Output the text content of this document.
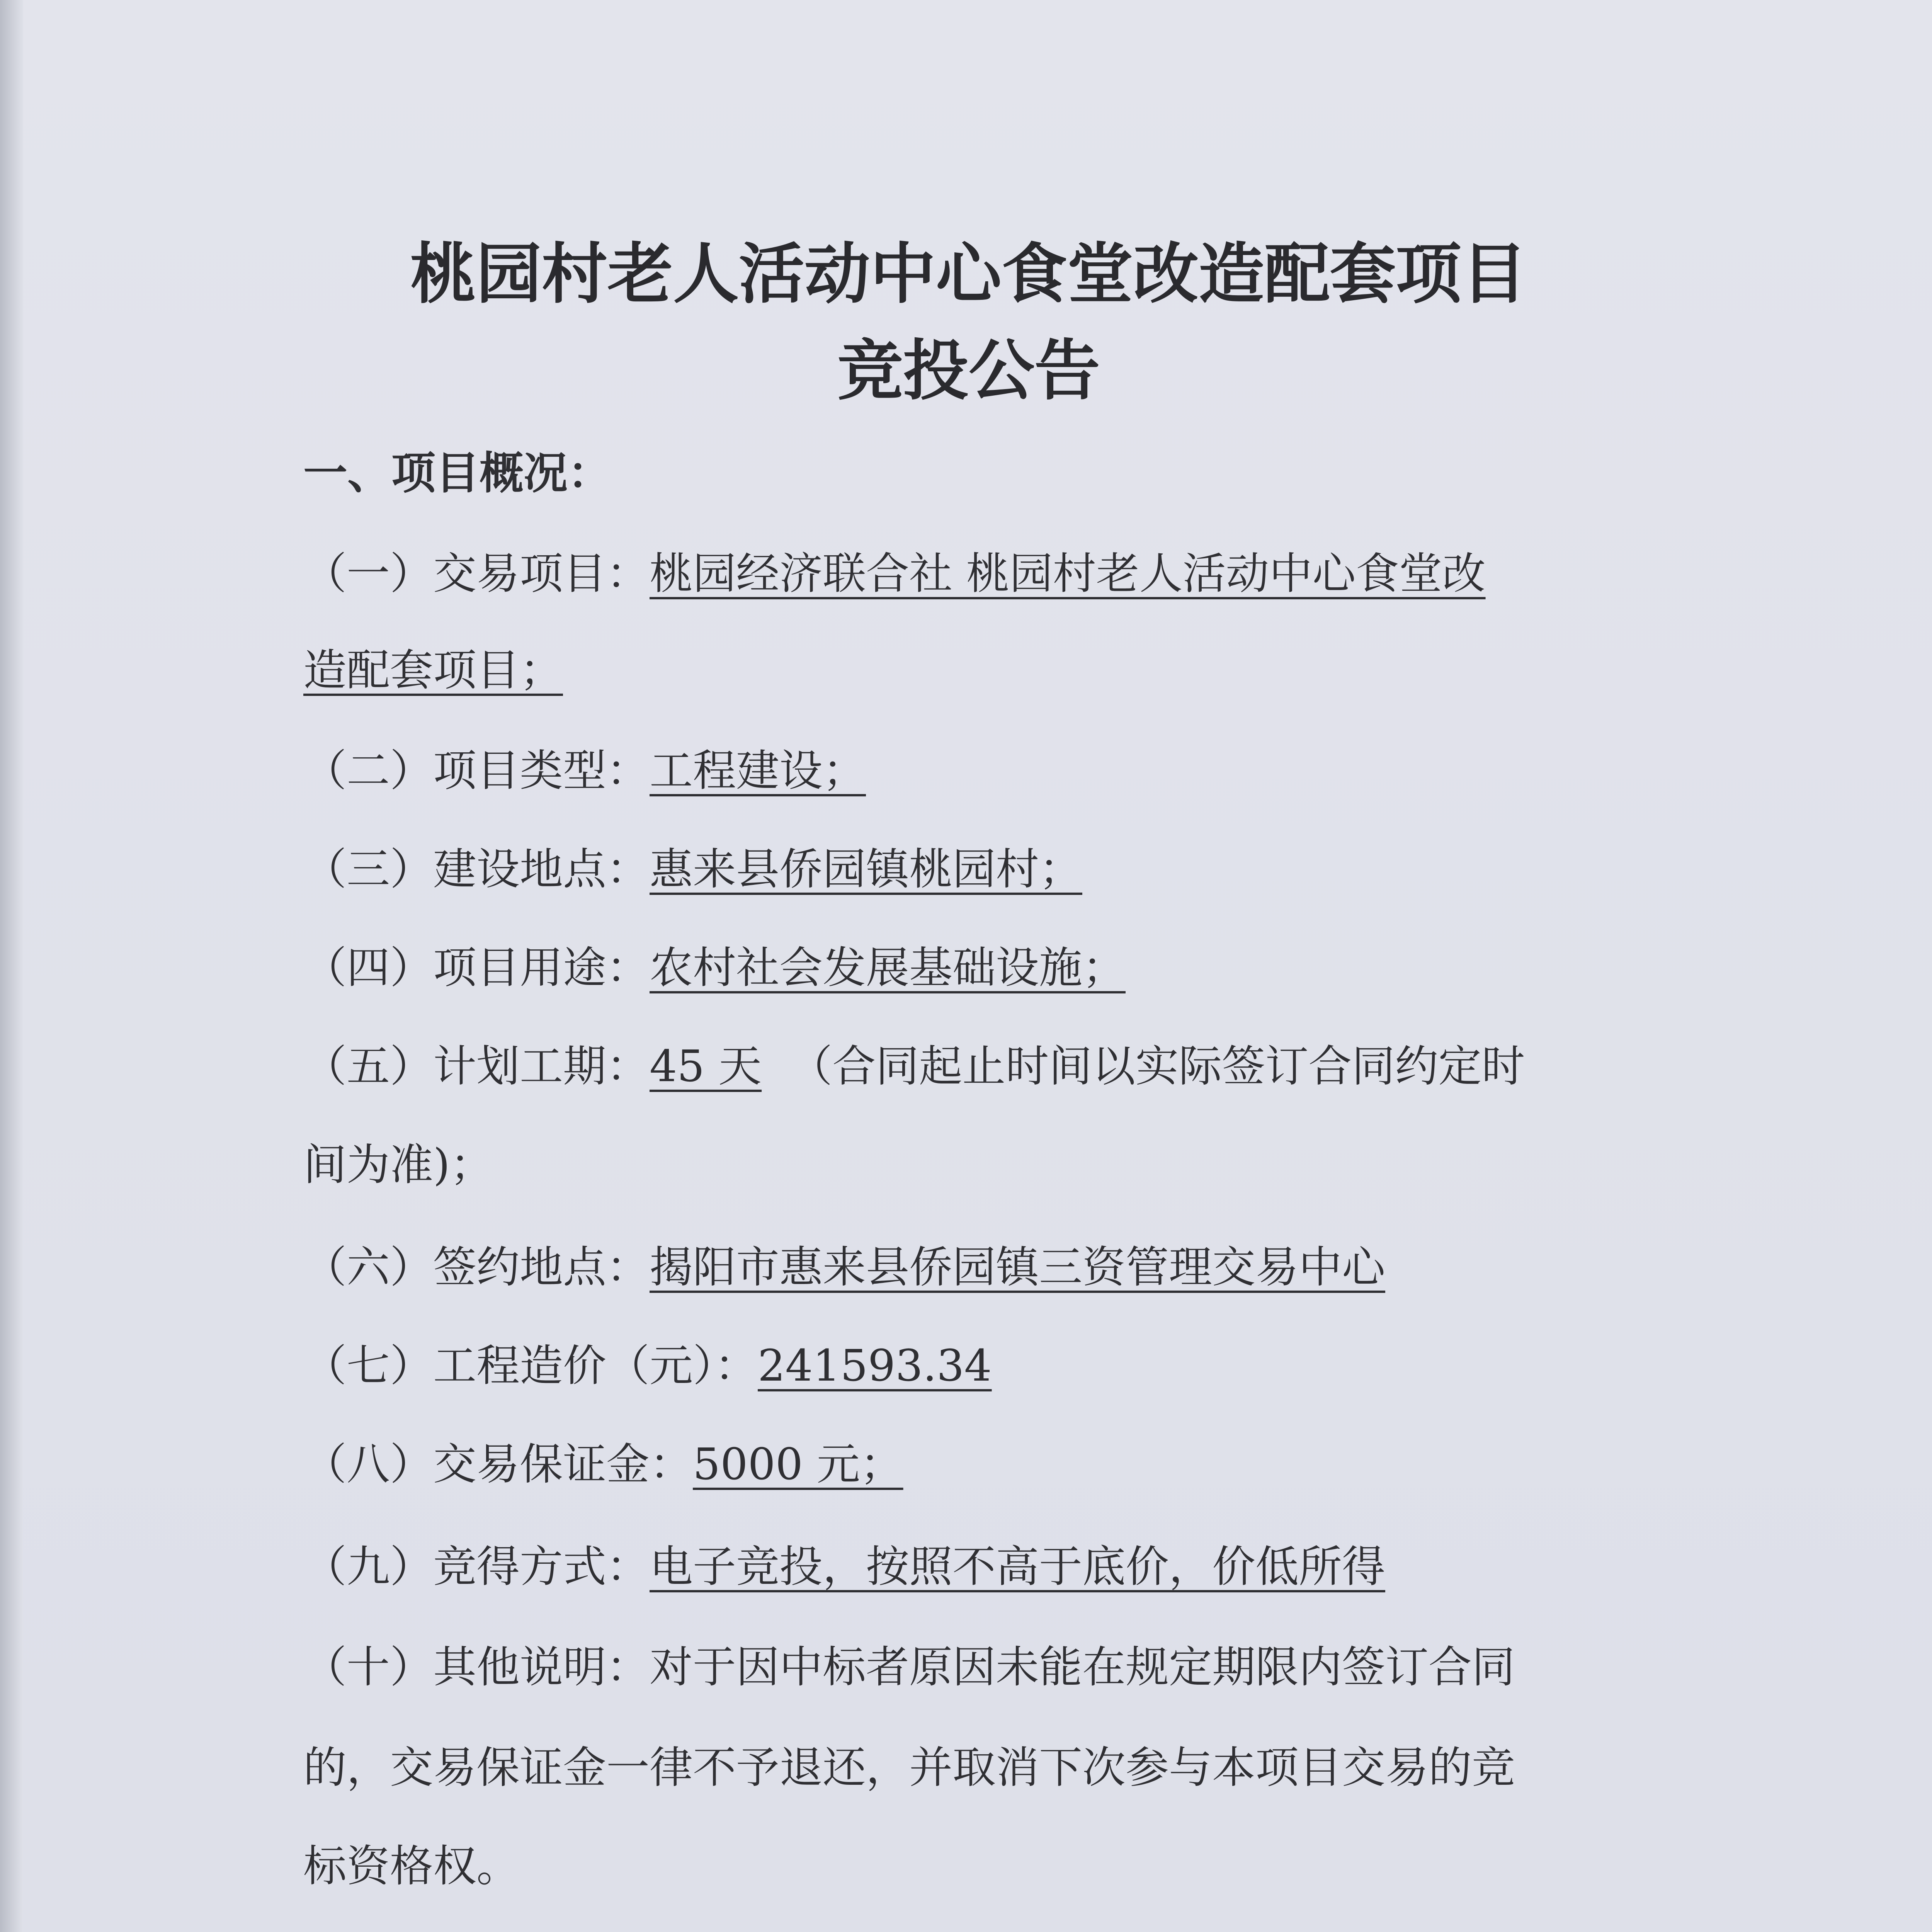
桃园村老人活动中心食堂改造配套项目
竞投公告
一、项目概况：
（一）交易项目：桃园经济联合社 桃园村老人活动中心食堂改
造配套项目；
（二）项目类型：工程建设；
（三）建设地点：惠来县侨园镇桃园村；
（四）项目用途：农村社会发展基础设施；
（五）计划工期：45 天 （合同起止时间以实际签订合同约定时
间为准)；
（六）签约地点：揭阳市惠来县侨园镇三资管理交易中心
（七）工程造价（元）：241593.34
（八）交易保证金：5000 元；
（九）竞得方式：电子竞投，按照不高于底价，价低所得
（十）其他说明：对于因中标者原因未能在规定期限内签订合同
的，交易保证金一律不予退还，并取消下次参与本项目交易的竞
标资格权。
